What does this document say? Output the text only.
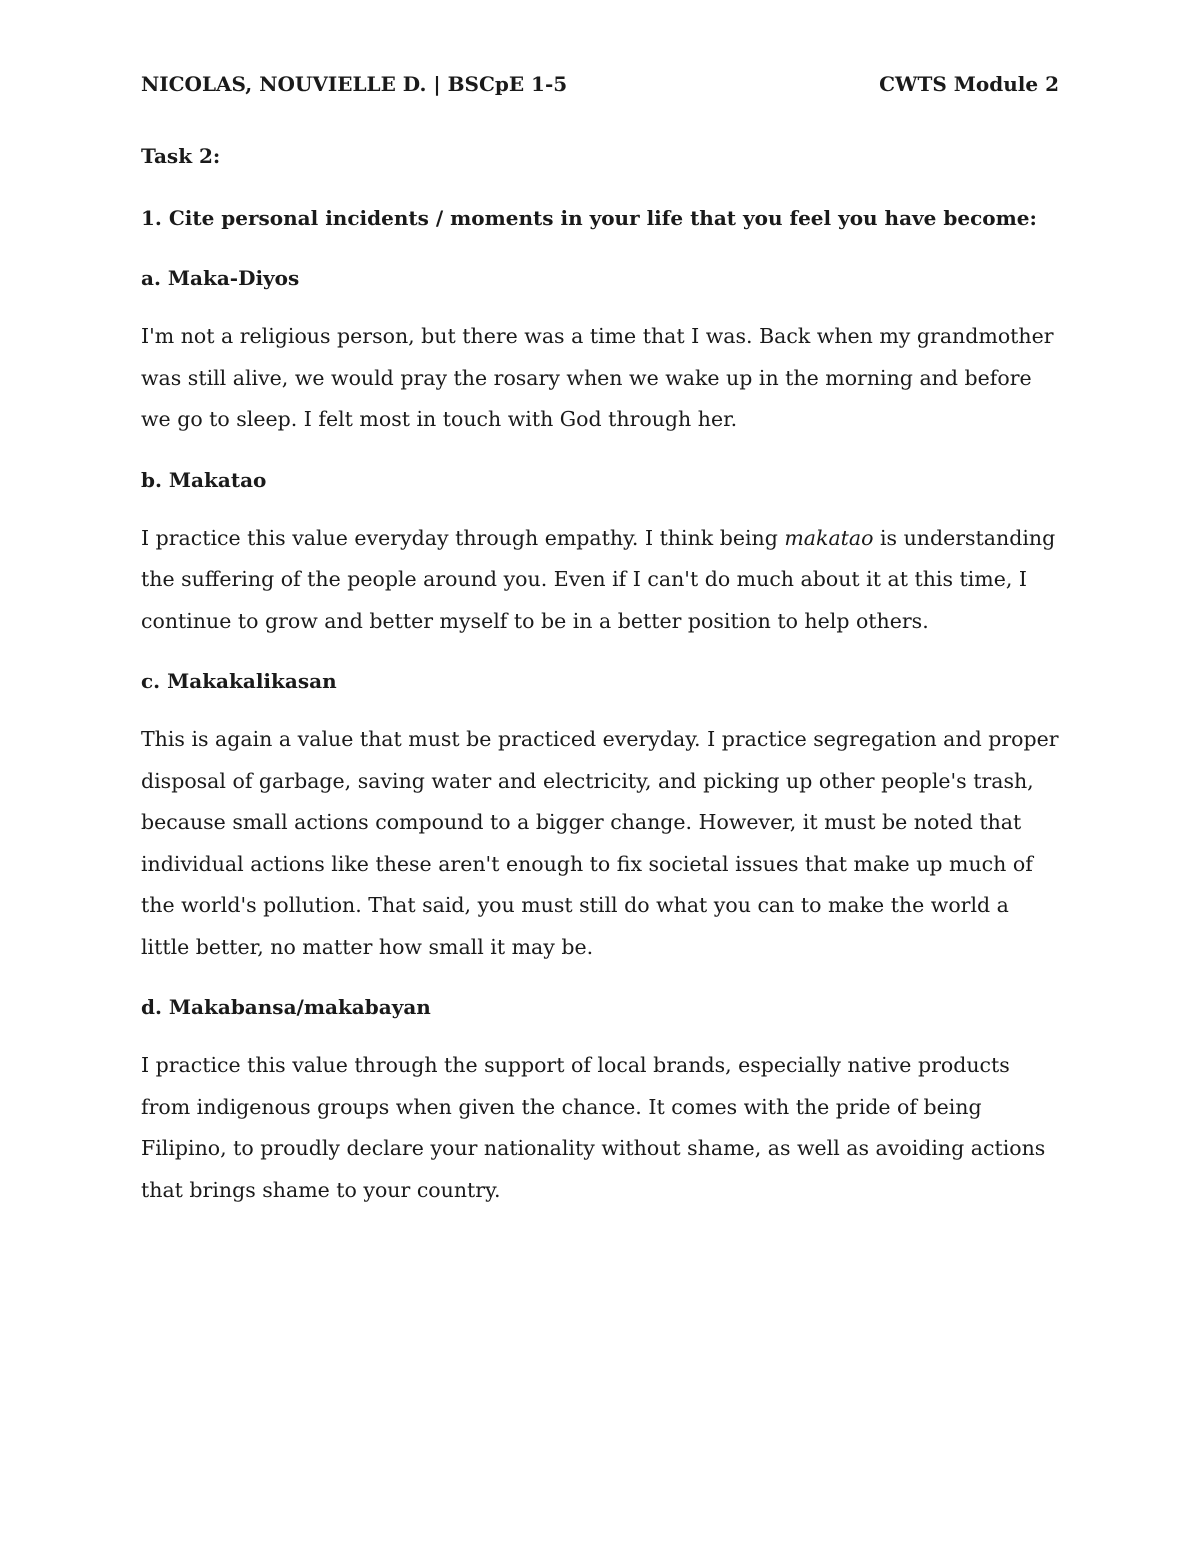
NICOLAS, NOUVIELLE D. | BSCpE 1-5	CWTS Module 2
Task 2:
1. Cite personal incidents / moments in your life that you feel you have become:
a. Maka-Diyos
I'm not a religious person, but there was a time that I was. Back when my grandmother was still alive, we would pray the rosary when we wake up in the morning and before we go to sleep. I felt most in touch with God through her.
b. Makatao
I practice this value everyday through empathy. I think being makatao is understanding the suffering of the people around you. Even if I can't do much about it at this time, I continue to grow and better myself to be in a better position to help others.
c. Makakalikasan
This is again a value that must be practiced everyday. I practice segregation and proper disposal of garbage, saving water and electricity, and picking up other people's trash, because small actions compound to a bigger change. However, it must be noted that individual actions like these aren't enough to fix societal issues that make up much of the world's pollution. That said, you must still do what you can to make the world a little better, no matter how small it may be.
d. Makabansa/makabayan
I practice this value through the support of local brands, especially native products from indigenous groups when given the chance. It comes with the pride of being Filipino, to proudly declare your nationality without shame, as well as avoiding actions that brings shame to your country.
